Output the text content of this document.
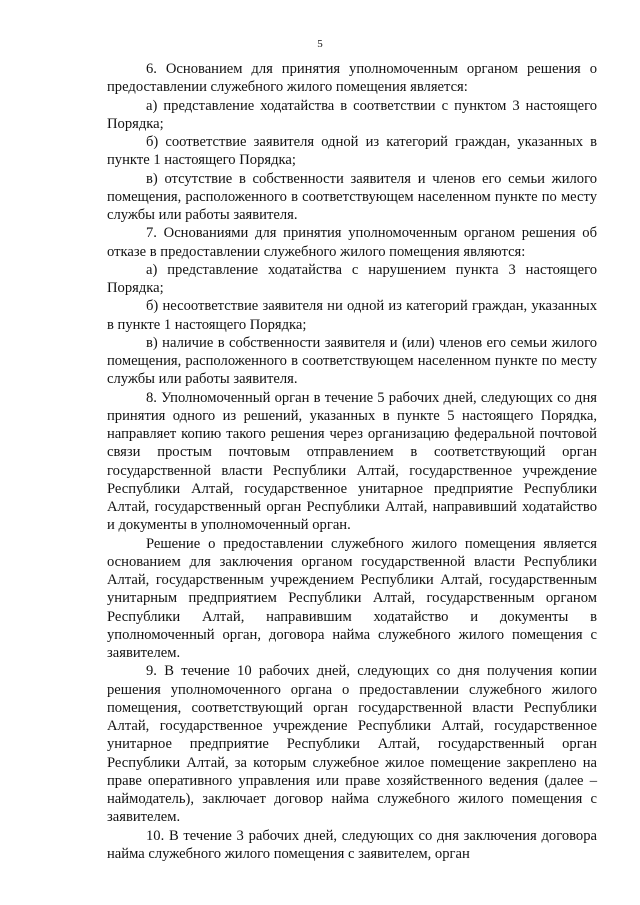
5

6. Основанием для принятия уполномоченным органом решения о предоставлении служебного жилого помещения является:

а) представление ходатайства в соответствии с пунктом 3 настоящего Порядка;

б) соответствие заявителя одной из категорий граждан, указанных в пункте 1 настоящего Порядка;

в) отсутствие в собственности заявителя и членов его семьи жилого помещения, расположенного в соответствующем населенном пункте по месту службы или работы заявителя.

7. Основаниями для принятия уполномоченным органом решения об отказе в предоставлении служебного жилого помещения являются:

а) представление ходатайства с нарушением пункта 3 настоящего Порядка;

б) несоответствие заявителя ни одной из категорий граждан, указанных в пункте 1 настоящего Порядка;

в) наличие в собственности заявителя и (или) членов его семьи жилого помещения, расположенного в соответствующем населенном пункте по месту службы или работы заявителя.

8. Уполномоченный орган в течение 5 рабочих дней, следующих со дня принятия одного из решений, указанных в пункте 5 настоящего Порядка, направляет копию такого решения через организацию федеральной почтовой связи простым почтовым отправлением в соответствующий орган государственной власти Республики Алтай, государственное учреждение Республики Алтай, государственное унитарное предприятие Республики Алтай, государственный орган Республики Алтай, направивший ходатайство и документы в уполномоченный орган.

Решение о предоставлении служебного жилого помещения является основанием для заключения органом государственной власти Республики Алтай, государственным учреждением Республики Алтай, государственным унитарным предприятием Республики Алтай, государственным органом Республики Алтай, направившим ходатайство и документы в уполномоченный орган, договора найма служебного жилого помещения с заявителем.

9. В течение 10 рабочих дней, следующих со дня получения копии решения уполномоченного органа о предоставлении служебного жилого помещения, соответствующий орган государственной власти Республики Алтай, государственное учреждение Республики Алтай, государственное унитарное предприятие Республики Алтай, государственный орган Республики Алтай, за которым служебное жилое помещение закреплено на праве оперативного управления или праве хозяйственного ведения (далее – наймодатель), заключает договор найма служебного жилого помещения с заявителем.

10. В течение 3 рабочих дней, следующих со дня заключения договора найма служебного жилого помещения с заявителем, орган
